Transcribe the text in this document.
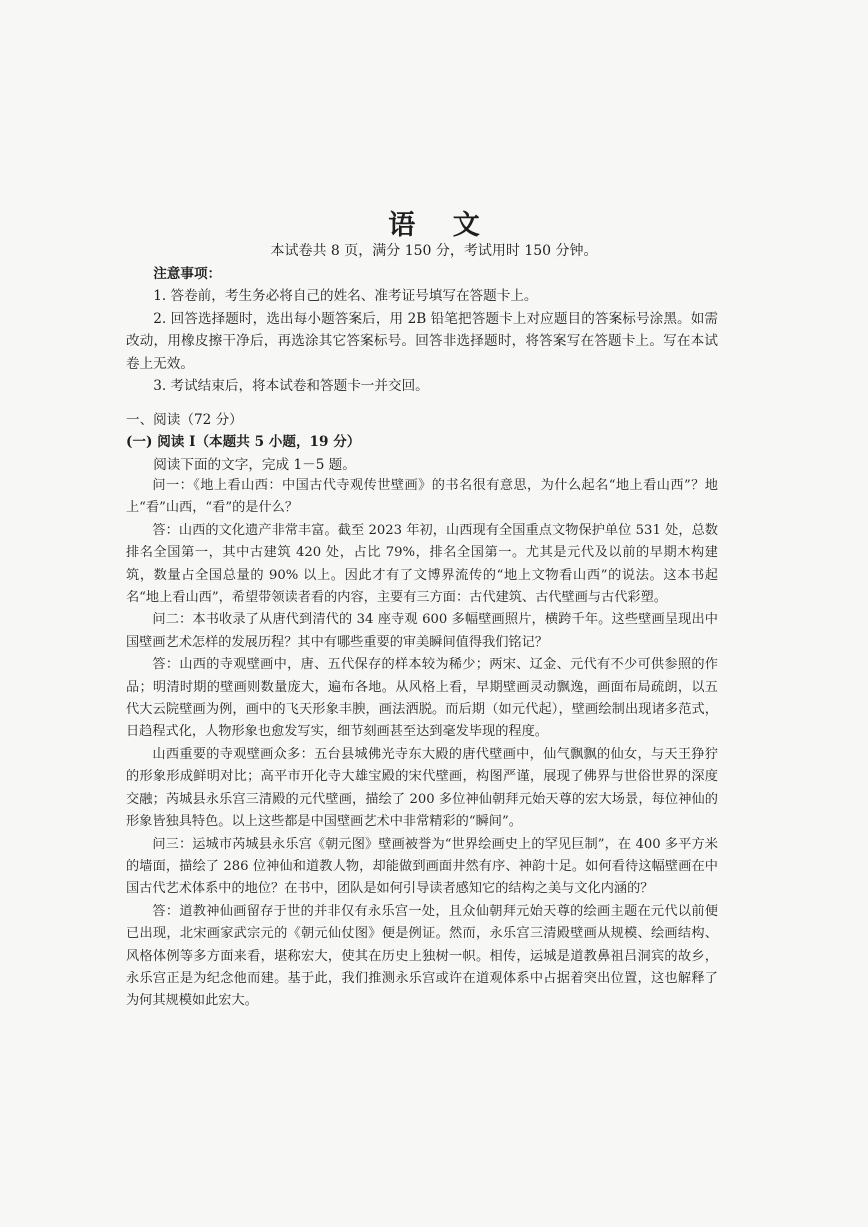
语 文
本试卷共 8 页，满分 150 分，考试用时 150 分钟。

注意事项：

1. 答卷前，考生务必将自己的姓名、准考证号填写在答题卡上。

2. 回答选择题时，选出每小题答案后，用 2B 铅笔把答题卡上对应题目的答案标号涂黑。如需改动，用橡皮擦干净后，再选涂其它答案标号。回答非选择题时，将答案写在答题卡上。写在本试卷上无效。

3. 考试结束后，将本试卷和答题卡一并交回。

一、阅读（72 分）

(一) 阅读 Ⅰ（本题共 5 小题，19 分）

阅读下面的文字，完成 1－5 题。

问一：《地上看山西：中国古代寺观传世壁画》的书名很有意思，为什么起名“地上看山西”？地上“看”山西，“看”的是什么？

答：山西的文化遗产非常丰富。截至 2023 年初，山西现有全国重点文物保护单位 531 处，总数排名全国第一，其中古建筑 420 处，占比 79%，排名全国第一。尤其是元代及以前的早期木构建筑，数量占全国总量的 90% 以上。因此才有了文博界流传的“地上文物看山西”的说法。这本书起名“地上看山西”，希望带领读者看的内容，主要有三方面：古代建筑、古代壁画与古代彩塑。

问二：本书收录了从唐代到清代的 34 座寺观 600 多幅壁画照片，横跨千年。这些壁画呈现出中国壁画艺术怎样的发展历程？其中有哪些重要的审美瞬间值得我们铭记？

答：山西的寺观壁画中，唐、五代保存的样本较为稀少；两宋、辽金、元代有不少可供参照的作品；明清时期的壁画则数量庞大，遍布各地。从风格上看，早期壁画灵动飘逸，画面布局疏朗，以五代大云院壁画为例，画中的飞天形象丰腴，画法洒脱。而后期（如元代起），壁画绘制出现诸多范式，日趋程式化，人物形象也愈发写实，细节刻画甚至达到毫发毕现的程度。

山西重要的寺观壁画众多：五台县城佛光寺东大殿的唐代壁画中，仙气飘飘的仙女，与天王狰狞的形象形成鲜明对比；高平市开化寺大雄宝殿的宋代壁画，构图严谨，展现了佛界与世俗世界的深度交融；芮城县永乐宫三清殿的元代壁画，描绘了 200 多位神仙朝拜元始天尊的宏大场景，每位神仙的形象皆独具特色。以上这些都是中国壁画艺术中非常精彩的“瞬间”。

问三：运城市芮城县永乐宫《朝元图》壁画被誉为“世界绘画史上的罕见巨制”，在 400 多平方米的墙面，描绘了 286 位神仙和道教人物，却能做到画面井然有序、神韵十足。如何看待这幅壁画在中国古代艺术体系中的地位？在书中，团队是如何引导读者感知它的结构之美与文化内涵的？

答：道教神仙画留存于世的并非仅有永乐宫一处，且众仙朝拜元始天尊的绘画主题在元代以前便已出现，北宋画家武宗元的《朝元仙仗图》便是例证。然而，永乐宫三清殿壁画从规模、绘画结构、风格体例等多方面来看，堪称宏大，使其在历史上独树一帜。相传，运城是道教鼻祖吕洞宾的故乡，永乐宫正是为纪念他而建。基于此，我们推测永乐宫或许在道观体系中占据着突出位置，这也解释了为何其规模如此宏大。
